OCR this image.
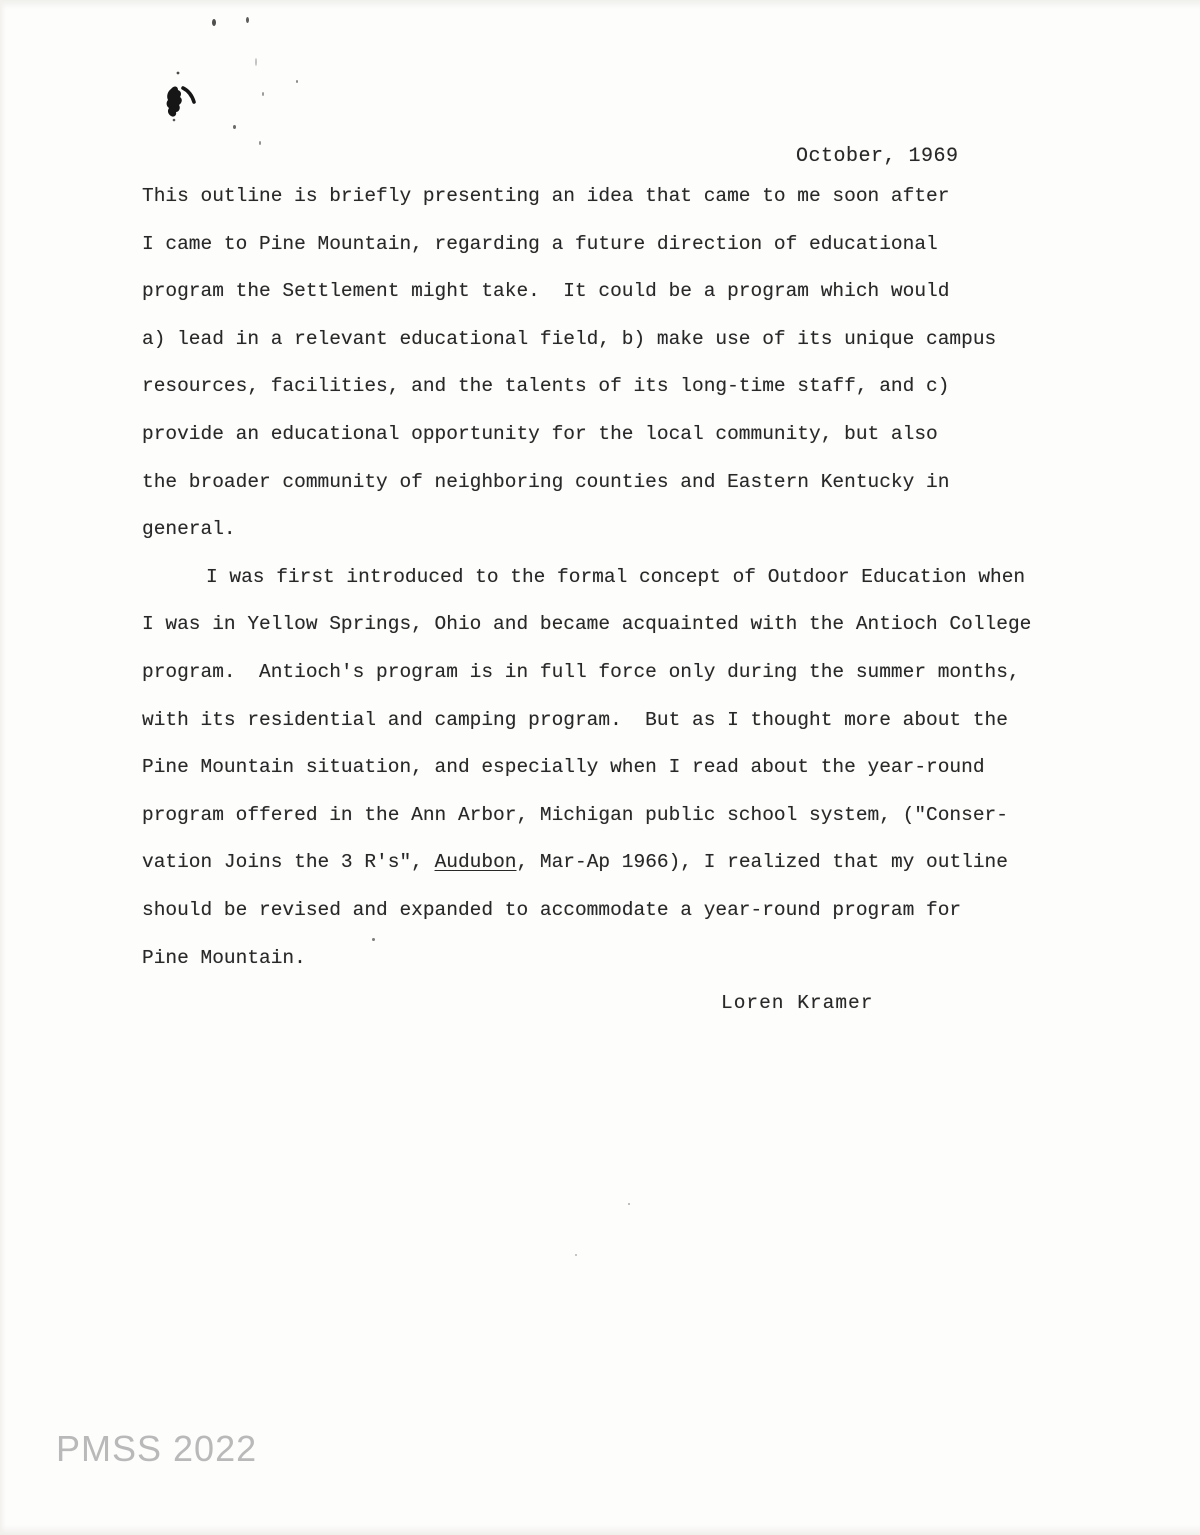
October, 1969
This outline is briefly presenting an idea that came to me soon after
I came to Pine Mountain, regarding a future direction of educational
program the Settlement might take.  It could be a program which would
a) lead in a relevant educational field, b) make use of its unique campus
resources, facilities, and the talents of its long-time staff, and c)
provide an educational opportunity for the local community, but also
the broader community of neighboring counties and Eastern Kentucky in
general.
I was first introduced to the formal concept of Outdoor Education when
I was in Yellow Springs, Ohio and became acquainted with the Antioch College
program.  Antioch's program is in full force only during the summer months,
with its residential and camping program.  But as I thought more about the
Pine Mountain situation, and especially when I read about the year-round
program offered in the Ann Arbor, Michigan public school system, ("Conser-
vation Joins the 3 R's", Audubon, Mar-Ap 1966), I realized that my outline
should be revised and expanded to accommodate a year-round program for
Pine Mountain.
Loren Kramer
PMSS 2022
